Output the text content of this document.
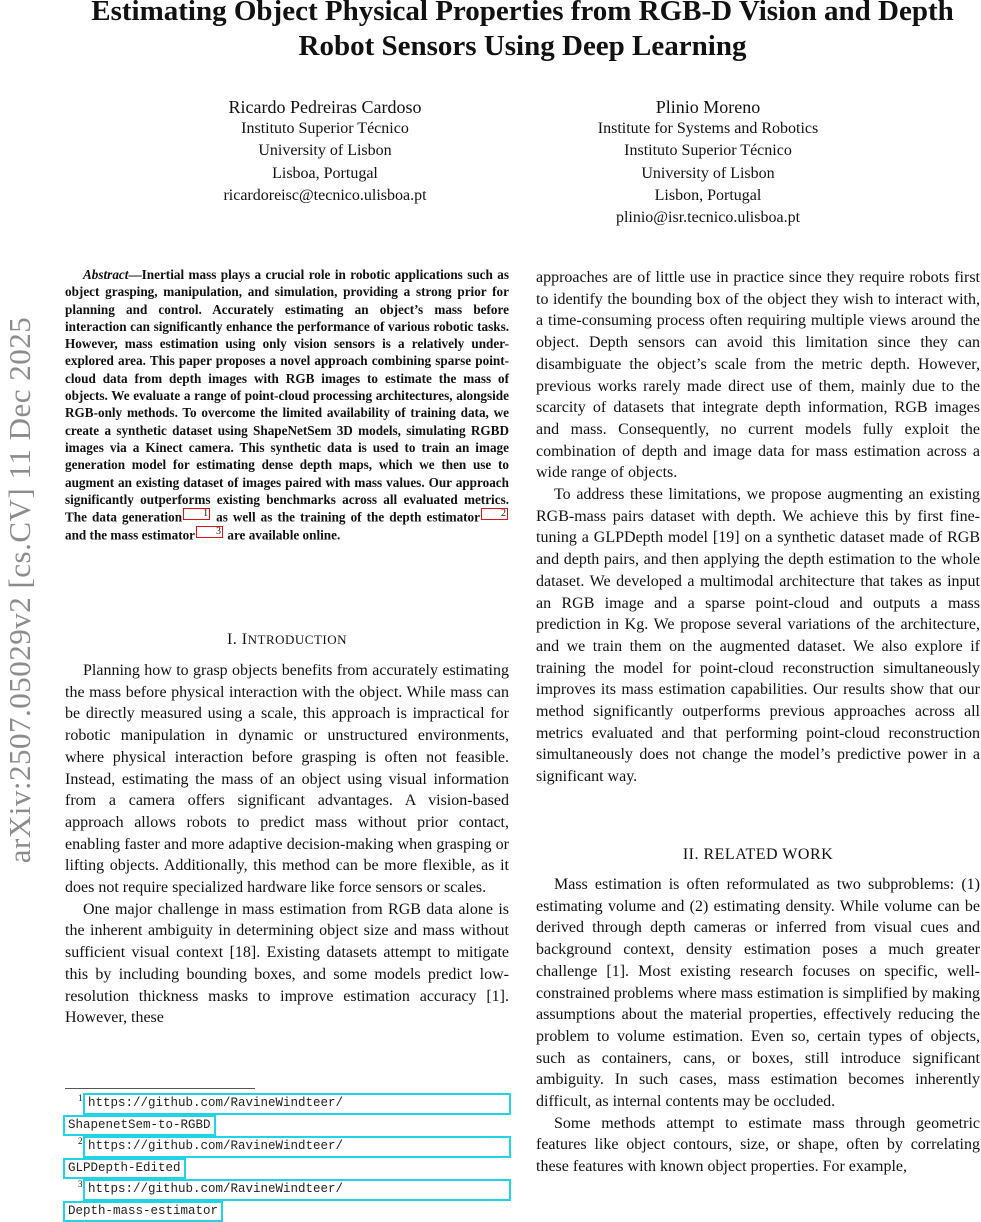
Estimating Object Physical Properties from RGB-D Vision and Depth
Robot Sensors Using Deep Learning
Ricardo Pedreiras Cardoso
Instituto Superior Técnico
University of Lisbon
Lisboa, Portugal
ricardoreisc@tecnico.ulisboa.pt
Plinio Moreno
Institute for Systems and Robotics
Instituto Superior Técnico
University of Lisbon
Lisbon, Portugal
plinio@isr.tecnico.ulisboa.pt
arXiv:2507.05029v2 [cs.CV] 11 Dec 2025
Abstract—Inertial mass plays a crucial role in robotic applications such as object grasping, manipulation, and simulation, providing a strong prior for planning and control. Accurately estimating an object’s mass before interaction can significantly enhance the performance of various robotic tasks. However, mass estimation using only vision sensors is a relatively under-explored area. This paper proposes a novel approach combining sparse point-cloud data from depth images with RGB images to estimate the mass of objects. We evaluate a range of point-cloud processing architectures, alongside RGB-only methods. To overcome the limited availability of training data, we create a synthetic dataset using ShapeNetSem 3D models, simulating RGBD images via a Kinect camera. This synthetic data is used to train an image generation model for estimating dense depth maps, which we then use to augment an existing dataset of images paired with mass values. Our approach significantly outperforms existing benchmarks across all evaluated metrics. The data generation 1 as well as the training of the depth estimator 2 and the mass estimator 3 are available online.
I. INTRODUCTION

Planning how to grasp objects benefits from accurately estimating the mass before physical interaction with the object. While mass can be directly measured using a scale, this approach is impractical for robotic manipulation in dynamic or unstructured environments, where physical interaction before grasping is often not feasible. Instead, estimating the mass of an object using visual information from a camera offers significant advantages. A vision-based approach allows robots to predict mass without prior contact, enabling faster and more adaptive decision-making when grasping or lifting objects. Additionally, this method can be more flexible, as it does not require specialized hardware like force sensors or scales.

One major challenge in mass estimation from RGB data alone is the inherent ambiguity in determining object size and mass without sufficient visual context [18]. Existing datasets attempt to mitigate this by including bounding boxes, and some models predict low-resolution thickness masks to improve estimation accuracy [1]. However, these

approaches are of little use in practice since they require robots first to identify the bounding box of the object they wish to interact with, a time-consuming process often requiring multiple views around the object. Depth sensors can avoid this limitation since they can disambiguate the object’s scale from the metric depth. However, previous works rarely made direct use of them, mainly due to the scarcity of datasets that integrate depth information, RGB images and mass. Consequently, no current models fully exploit the combination of depth and image data for mass estimation across a wide range of objects.

To address these limitations, we propose augmenting an existing RGB-mass pairs dataset with depth. We achieve this by first fine-tuning a GLPDepth model [19] on a synthetic dataset made of RGB and depth pairs, and then applying the depth estimation to the whole dataset. We developed a multimodal architecture that takes as input an RGB image and a sparse point-cloud and outputs a mass prediction in Kg. We propose several variations of the architecture, and we train them on the augmented dataset. We also explore if training the model for point-cloud reconstruction simultaneously improves its mass estimation capabilities. Our results show that our method significantly outperforms previous approaches across all metrics evaluated and that performing point-cloud reconstruction simultaneously does not change the model’s predictive power in a significant way.

II. RELATED WORK

Mass estimation is often reformulated as two subproblems: (1) estimating volume and (2) estimating density. While volume can be derived through depth cameras or inferred from visual cues and background context, density estimation poses a much greater challenge [1]. Most existing research focuses on specific, well-constrained problems where mass estimation is simplified by making assumptions about the material properties, effectively reducing the problem to volume estimation. Even so, certain types of objects, such as containers, cans, or boxes, still introduce significant ambiguity. In such cases, mass estimation becomes inherently difficult, as internal contents may be occluded.

Some methods attempt to estimate mass through geometric features like object contours, size, or shape, often by correlating these features with known object properties. For example,

1 https://github.com/RavineWindteer/
ShapenetSem-to-RGBD
2 https://github.com/RavineWindteer/
GLPDepth-Edited
3 https://github.com/RavineWindteer/
Depth-mass-estimator
